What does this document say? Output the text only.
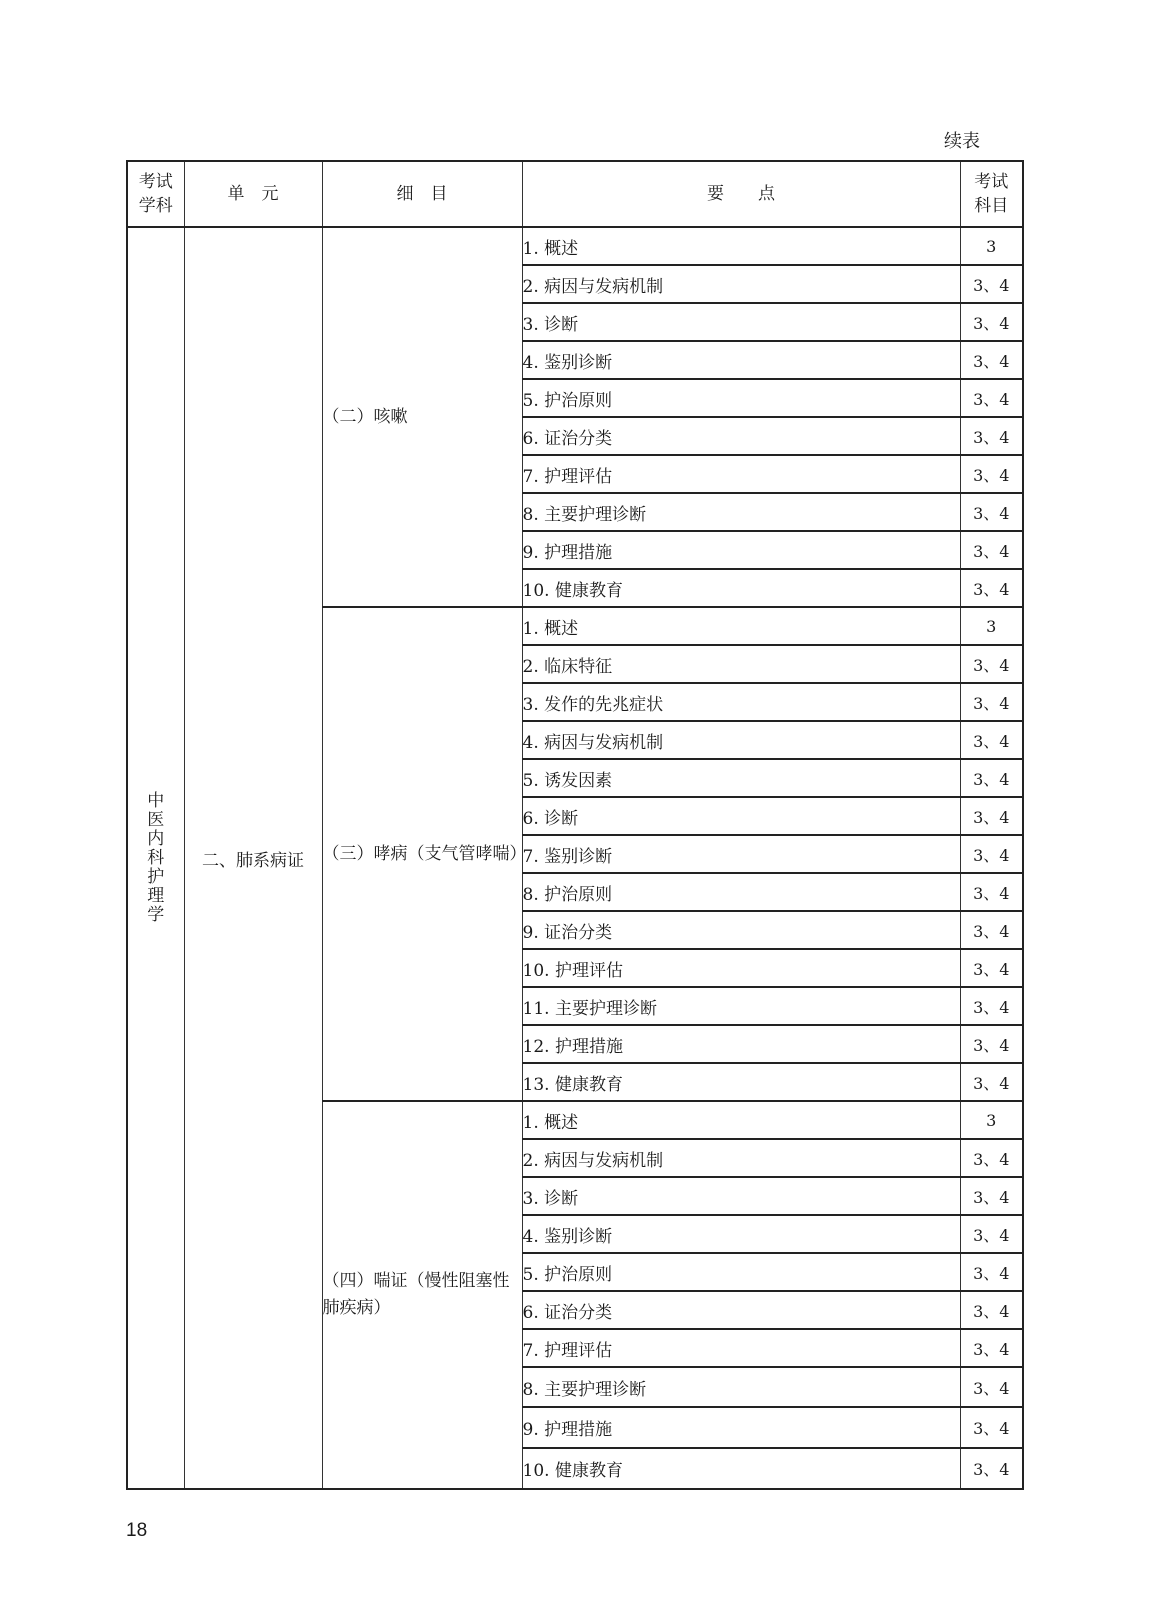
续表
考试学科	单　元	细　目	要　　点	考试科目
中医内科护理学	二、肺系病证	（二）咳嗽	1. 概述	3
			2. 病因与发病机制	3、4
			3. 诊断	3、4
			4. 鉴别诊断	3、4
			5. 护治原则	3、4
			6. 证治分类	3、4
			7. 护理评估	3、4
			8. 主要护理诊断	3、4
			9. 护理措施	3、4
			10. 健康教育	3、4
		（三）哮病（支气管哮喘）	1. 概述	3
			2. 临床特征	3、4
			3. 发作的先兆症状	3、4
			4. 病因与发病机制	3、4
			5. 诱发因素	3、4
			6. 诊断	3、4
			7. 鉴别诊断	3、4
			8. 护治原则	3、4
			9. 证治分类	3、4
			10. 护理评估	3、4
			11. 主要护理诊断	3、4
			12. 护理措施	3、4
			13. 健康教育	3、4
		（四）喘证（慢性阻塞性肺疾病）	1. 概述	3
			2. 病因与发病机制	3、4
			3. 诊断	3、4
			4. 鉴别诊断	3、4
			5. 护治原则	3、4
			6. 证治分类	3、4
			7. 护理评估	3、4
			8. 主要护理诊断	3、4
			9. 护理措施	3、4
			10. 健康教育	3、4
18
